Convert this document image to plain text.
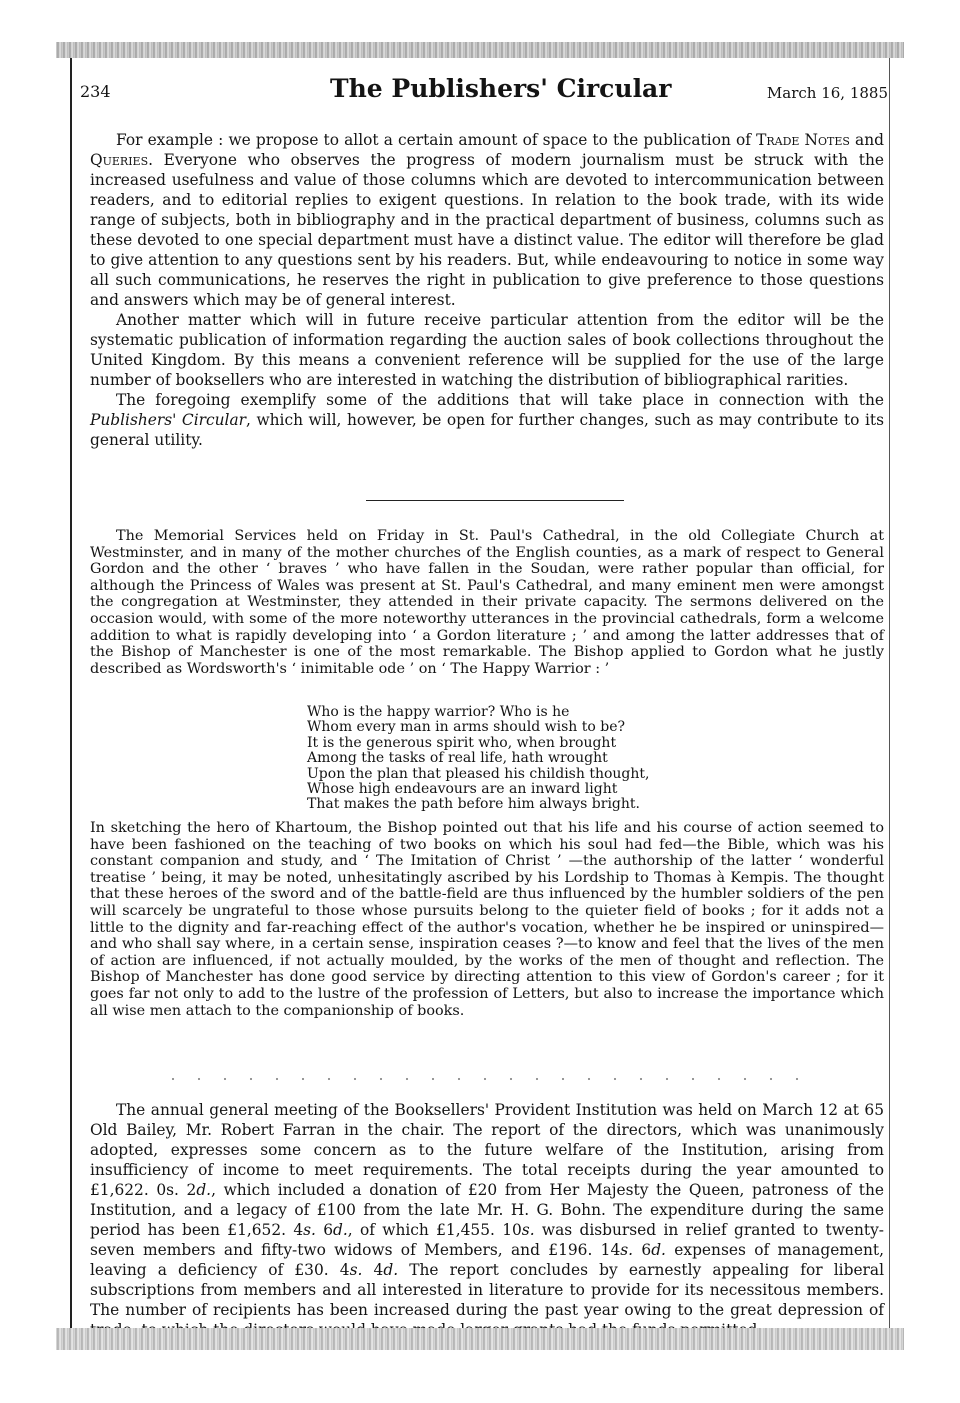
234	The Publishers' Circular	March 16, 1885

For example : we propose to allot a certain amount of space to the publication of Trade Notes and Queries. Everyone who observes the progress of modern journalism must be struck with the increased usefulness and value of those columns which are devoted to intercommunication between readers, and to editorial replies to exigent questions. In relation to the book trade, with its wide range of subjects, both in bibliography and in the practical department of business, columns such as these devoted to one special department must have a distinct value. The editor will therefore be glad to give attention to any questions sent by his readers. But, while endeavouring to notice in some way all such communications, he reserves the right in publication to give preference to those questions and answers which may be of general interest.

Another matter which will in future receive particular attention from the editor will be the systematic publication of information regarding the auction sales of book collections throughout the United Kingdom. By this means a convenient reference will be supplied for the use of the large number of booksellers who are interested in watching the distribution of bibliographical rarities.

The foregoing exemplify some of the additions that will take place in connection with the Publishers' Circular, which will, however, be open for further changes, such as may contribute to its general utility.

The Memorial Services held on Friday in St. Paul's Cathedral, in the old Collegiate Church at Westminster, and in many of the mother churches of the English counties, as a mark of respect to General Gordon and the other ‘ braves ’ who have fallen in the Soudan, were rather popular than official, for although the Princess of Wales was present at St. Paul's Cathedral, and many eminent men were amongst the congregation at Westminster, they attended in their private capacity. The sermons delivered on the occasion would, with some of the more noteworthy utterances in the provincial cathedrals, form a welcome addition to what is rapidly developing into ‘ a Gordon literature ; ’ and among the latter addresses that of the Bishop of Manchester is one of the most remarkable. The Bishop applied to Gordon what he justly described as Wordsworth's ‘ inimitable ode ’ on ‘ The Happy Warrior : ’

Who is the happy warrior? Who is he
Whom every man in arms should wish to be?
It is the generous spirit who, when brought
Among the tasks of real life, hath wrought
Upon the plan that pleased his childish thought,
Whose high endeavours are an inward light
That makes the path before him always bright.

In sketching the hero of Khartoum, the Bishop pointed out that his life and his course of action seemed to have been fashioned on the teaching of two books on which his soul had fed—the Bible, which was his constant companion and study, and ‘ The Imitation of Christ ’ —the authorship of the latter ‘ wonderful treatise ’ being, it may be noted, unhesitatingly ascribed by his Lordship to Thomas à Kempis. The thought that these heroes of the sword and of the battle-field are thus influenced by the humbler soldiers of the pen will scarcely be ungrateful to those whose pursuits belong to the quieter field of books ; for it adds not a little to the dignity and far-reaching effect of the author's vocation, whether he be inspired or uninspired—and who shall say where, in a certain sense, inspiration ceases ?—to know and feel that the lives of the men of action are influenced, if not actually moulded, by the works of the men of thought and reflection. The Bishop of Manchester has done good service by directing attention to this view of Gordon's career ; for it goes far not only to add to the lustre of the profession of Letters, but also to increase the importance which all wise men attach to the companionship of books.

The annual general meeting of the Booksellers' Provident Institution was held on March 12 at 65 Old Bailey, Mr. Robert Farran in the chair. The report of the directors, which was unanimously adopted, expresses some concern as to the future welfare of the Institution, arising from insufficiency of income to meet requirements. The total receipts during the year amounted to £1,622. 0s. 2d., which included a donation of £20 from Her Majesty the Queen, patroness of the Institution, and a legacy of £100 from the late Mr. H. G. Bohn. The expenditure during the same period has been £1,652. 4s. 6d., of which £1,455. 10s. was disbursed in relief granted to twenty-seven members and fifty-two widows of Members, and £196. 14s. 6d. expenses of management, leaving a deficiency of £30. 4s. 4d. The report concludes by earnestly appealing for liberal subscriptions from members and all interested in literature to provide for its necessitous members. The number of recipients has been increased during the past year owing to the great depression of
